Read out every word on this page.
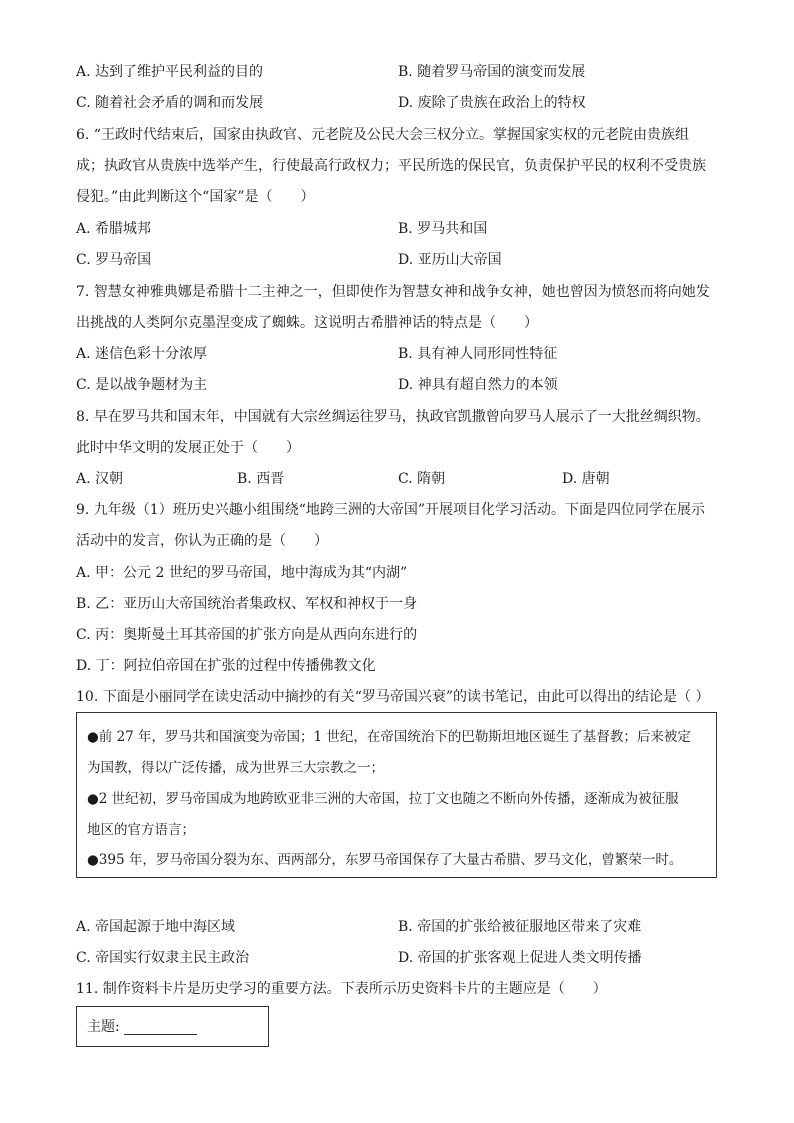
A. 达到了维护平民利益的目的	B. 随着罗马帝国的演变而发展
C. 随着社会矛盾的调和而发展	D. 废除了贵族在政治上的特权
6. “王政时代结束后，国家由执政官、元老院及公民大会三权分立。掌握国家实权的元老院由贵族组
成；执政官从贵族中选举产生，行使最高行政权力；平民所选的保民官，负责保护平民的权利不受贵族
侵犯。”由此判断这个“国家”是（　　）
A. 希腊城邦	B. 罗马共和国
C. 罗马帝国	D. 亚历山大帝国
7. 智慧女神雅典娜是希腊十二主神之一，但即使作为智慧女神和战争女神，她也曾因为愤怒而将向她发
出挑战的人类阿尔克墨涅变成了蜘蛛。这说明古希腊神话的特点是（　　）
A. 迷信色彩十分浓厚	B. 具有神人同形同性特征
C. 是以战争题材为主	D. 神具有超自然力的本领
8. 早在罗马共和国末年，中国就有大宗丝绸运往罗马，执政官凯撒曾向罗马人展示了一大批丝绸织物。
此时中华文明的发展正处于（　　）
A. 汉朝	B. 西晋	C. 隋朝	D. 唐朝
9. 九年级（1）班历史兴趣小组围绕“地跨三洲的大帝国”开展项目化学习活动。下面是四位同学在展示
活动中的发言，你认为正确的是（　　）
A. 甲：公元 2 世纪的罗马帝国，地中海成为其“内湖”
B. 乙：亚历山大帝国统治者集政权、军权和神权于一身
C. 丙：奥斯曼土耳其帝国的扩张方向是从西向东进行的
D. 丁：阿拉伯帝国在扩张的过程中传播佛教文化
10. 下面是小丽同学在读史活动中摘抄的有关“罗马帝国兴衰”的读书笔记，由此可以得出的结论是（ ）
●前 27 年，罗马共和国演变为帝国；1 世纪，在帝国统治下的巴勒斯坦地区诞生了基督教；后来被定
为国教，得以广泛传播，成为世界三大宗教之一；
●2 世纪初，罗马帝国成为地跨欧亚非三洲的大帝国，拉丁文也随之不断向外传播，逐渐成为被征服
地区的官方语言；
●395 年，罗马帝国分裂为东、西两部分，东罗马帝国保存了大量古希腊、罗马文化，曾繁荣一时。
A. 帝国起源于地中海区域	B. 帝国的扩张给被征服地区带来了灾难
C. 帝国实行奴隶主民主政治	D. 帝国的扩张客观上促进人类文明传播
11. 制作资料卡片是历史学习的重要方法。下表所示历史资料卡片的主题应是（　　）
主题:
